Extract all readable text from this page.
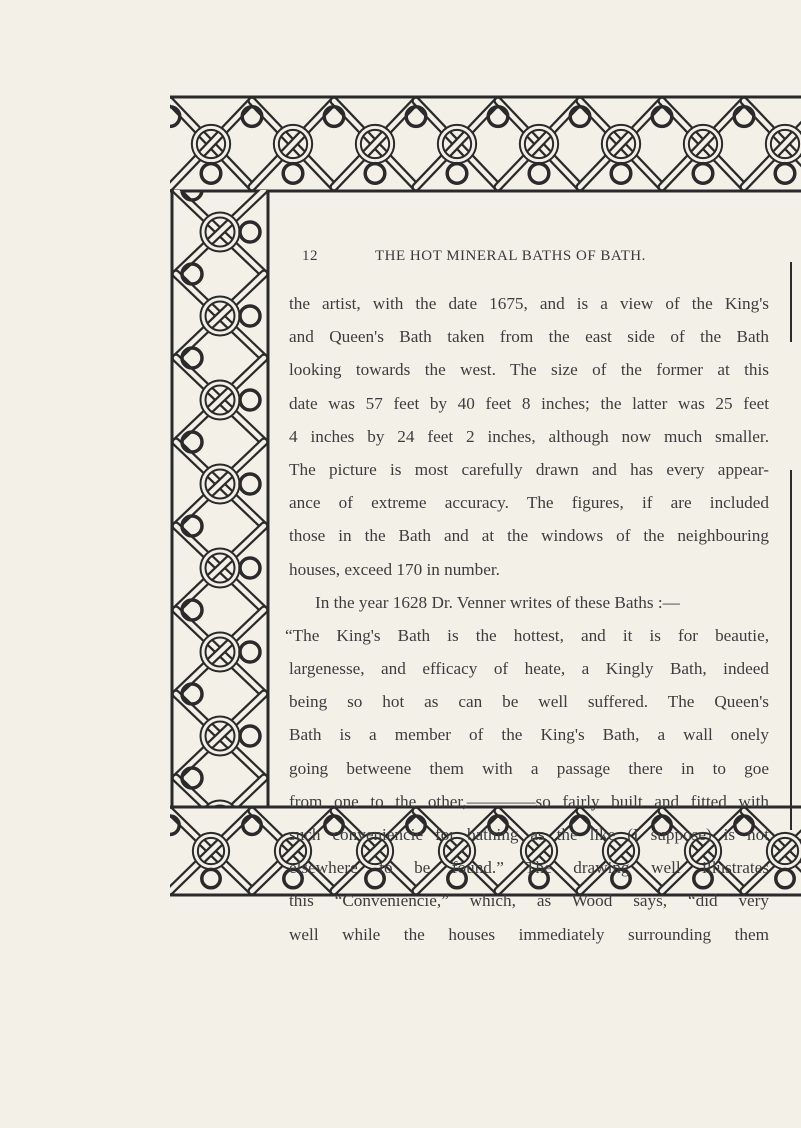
12	THE HOT MINERAL BATHS OF BATH.
the artist, with the date 1675, and is a view of the King's
and Queen's Bath taken from the east side of the Bath
looking towards the west. The size of the former at this
date was 57 feet by 40 feet 8 inches; the latter was 25 feet
4 inches by 24 feet 2 inches, although now much smaller.
The picture is most carefully drawn and has every appear-
ance of extreme accuracy. The figures, if are included
those in the Bath and at the windows of the neighbouring
houses, exceed 170 in number.
In the year 1628 Dr. Venner writes of these Baths :—
“The King's Bath is the hottest, and it is for beautie,
largenesse, and efficacy of heate, a Kingly Bath, indeed
being so hot as can be well suffered. The Queen's
Bath is a member of the King's Bath, a wall onely
going betweene them with a passage there in to goe
from one to the other,————so fairly built and fitted with
such conveniencie for bathing as the like (I suppose) is not
elsewhere to be found.” The drawing well illustrates
this “Conveniencie,” which, as Wood says, “did very
well while the houses immediately surrounding them
